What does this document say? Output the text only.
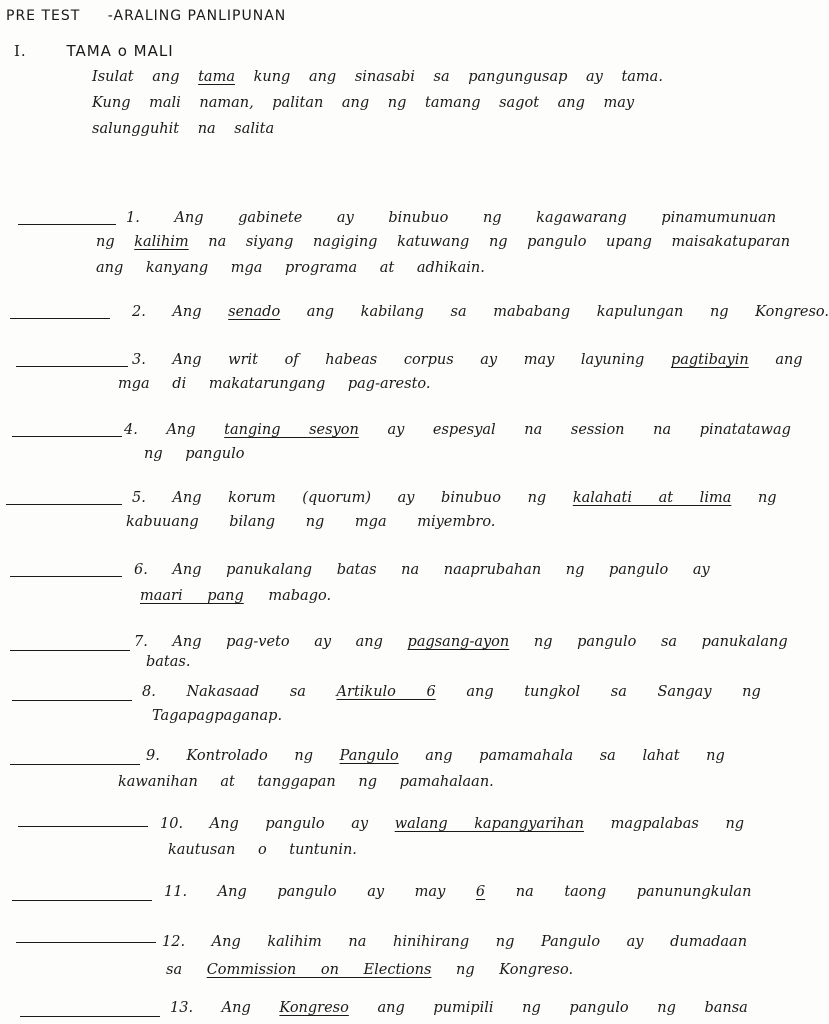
PRE TEST -ARALING PANLIPUNAN
I.	TAMA o MALI
Isulat ang tama kung ang sinasabi sa pangungusap ay tama.
Kung mali naman, palitan ang ng tamang sagot ang may
salungguhit na salita
1. Ang gabinete ay binubuo ng kagawarang pinamumunuan
ng kalihim na siyang nagiging katuwang ng pangulo upang maisakatuparan
ang kanyang mga programa at adhikain.
2. Ang senado ang kabilang sa mababang kapulungan ng Kongreso.
3. Ang writ of habeas corpus ay may layuning pagtibayin ang
mga di makatarungang pag-aresto.
4. Ang tanging sesyon ay espesyal na session na pinatatawag
ng pangulo
5. Ang korum (quorum) ay binubuo ng kalahati at lima ng
kabuuang bilang ng mga miyembro.
6. Ang panukalang batas na naaprubahan ng pangulo ay
maari pang mabago.
7. Ang pag-veto ay ang pagsang-ayon ng pangulo sa panukalang
batas.
8. Nakasaad sa Artikulo 6 ang tungkol sa Sangay ng
Tagapagpaganap.
9. Kontrolado ng Pangulo ang pamamahala sa lahat ng
kawanihan at tanggapan ng pamahalaan.
10. Ang pangulo ay walang kapangyarihan magpalabas ng
kautusan o tuntunin.
11. Ang pangulo ay may 6 na taong panunungkulan
12. Ang kalihim na hinihirang ng Pangulo ay dumadaan
sa Commission on Elections ng Kongreso.
13. Ang Kongreso ang pumipili ng pangulo ng bansa
